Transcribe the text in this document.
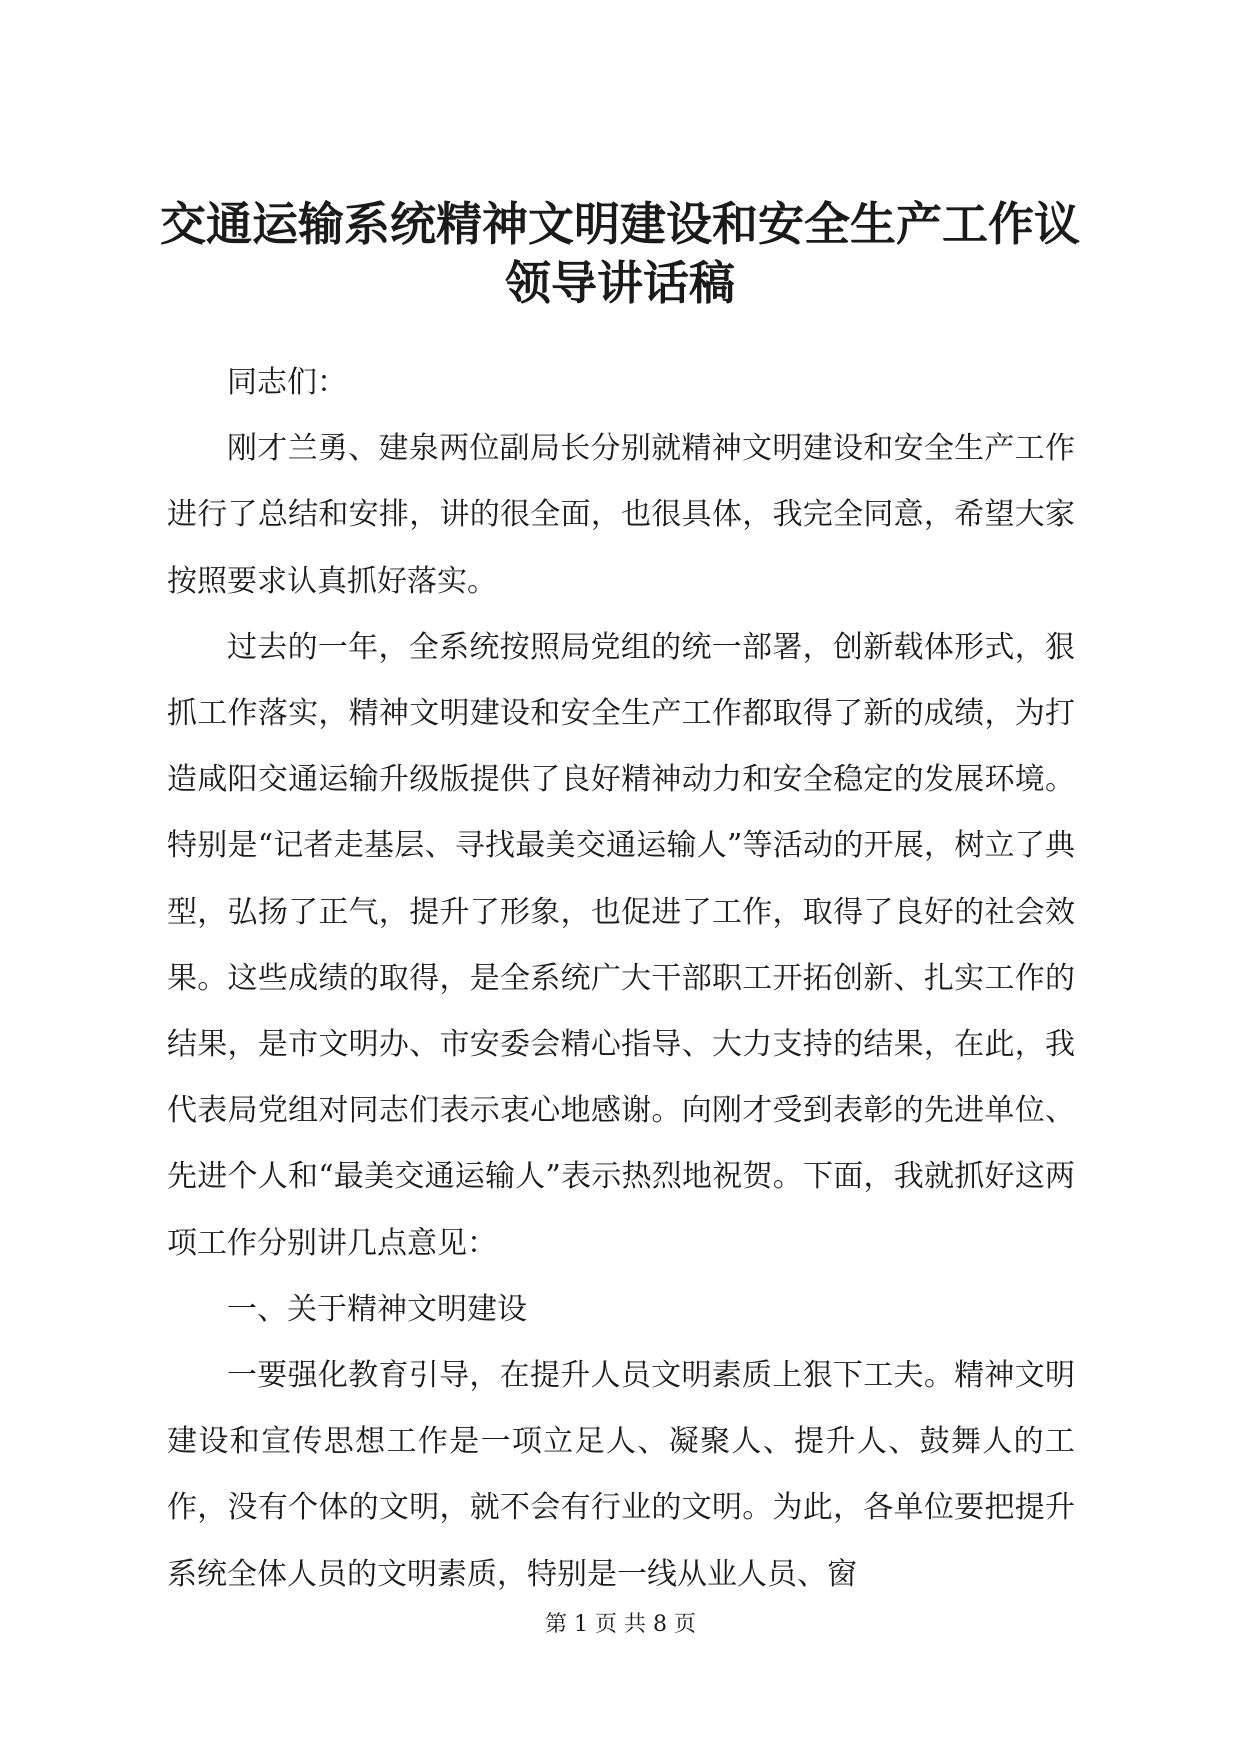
交通运输系统精神文明建设和安全生产工作议
领导讲话稿

同志们：

刚才兰勇、建泉两位副局长分别就精神文明建设和安全生产工作进行了总结和安排，讲的很全面，也很具体，我完全同意，希望大家按照要求认真抓好落实。

过去的一年，全系统按照局党组的统一部署，创新载体形式，狠抓工作落实，精神文明建设和安全生产工作都取得了新的成绩，为打造咸阳交通运输升级版提供了良好精神动力和安全稳定的发展环境。特别是“记者走基层、寻找最美交通运输人”等活动的开展，树立了典型，弘扬了正气，提升了形象，也促进了工作，取得了良好的社会效果。这些成绩的取得，是全系统广大干部职工开拓创新、扎实工作的结果，是市文明办、市安委会精心指导、大力支持的结果，在此，我代表局党组对同志们表示衷心地感谢。向刚才受到表彰的先进单位、先进个人和“最美交通运输人”表示热烈地祝贺。下面，我就抓好这两项工作分别讲几点意见：

一、关于精神文明建设

一要强化教育引导，在提升人员文明素质上狠下工夫。精神文明建设和宣传思想工作是一项立足人、凝聚人、提升人、鼓舞人的工作，没有个体的文明，就不会有行业的文明。为此，各单位要把提升系统全体人员的文明素质，特别是一线从业人员、窗

第 1 页 共 8 页
